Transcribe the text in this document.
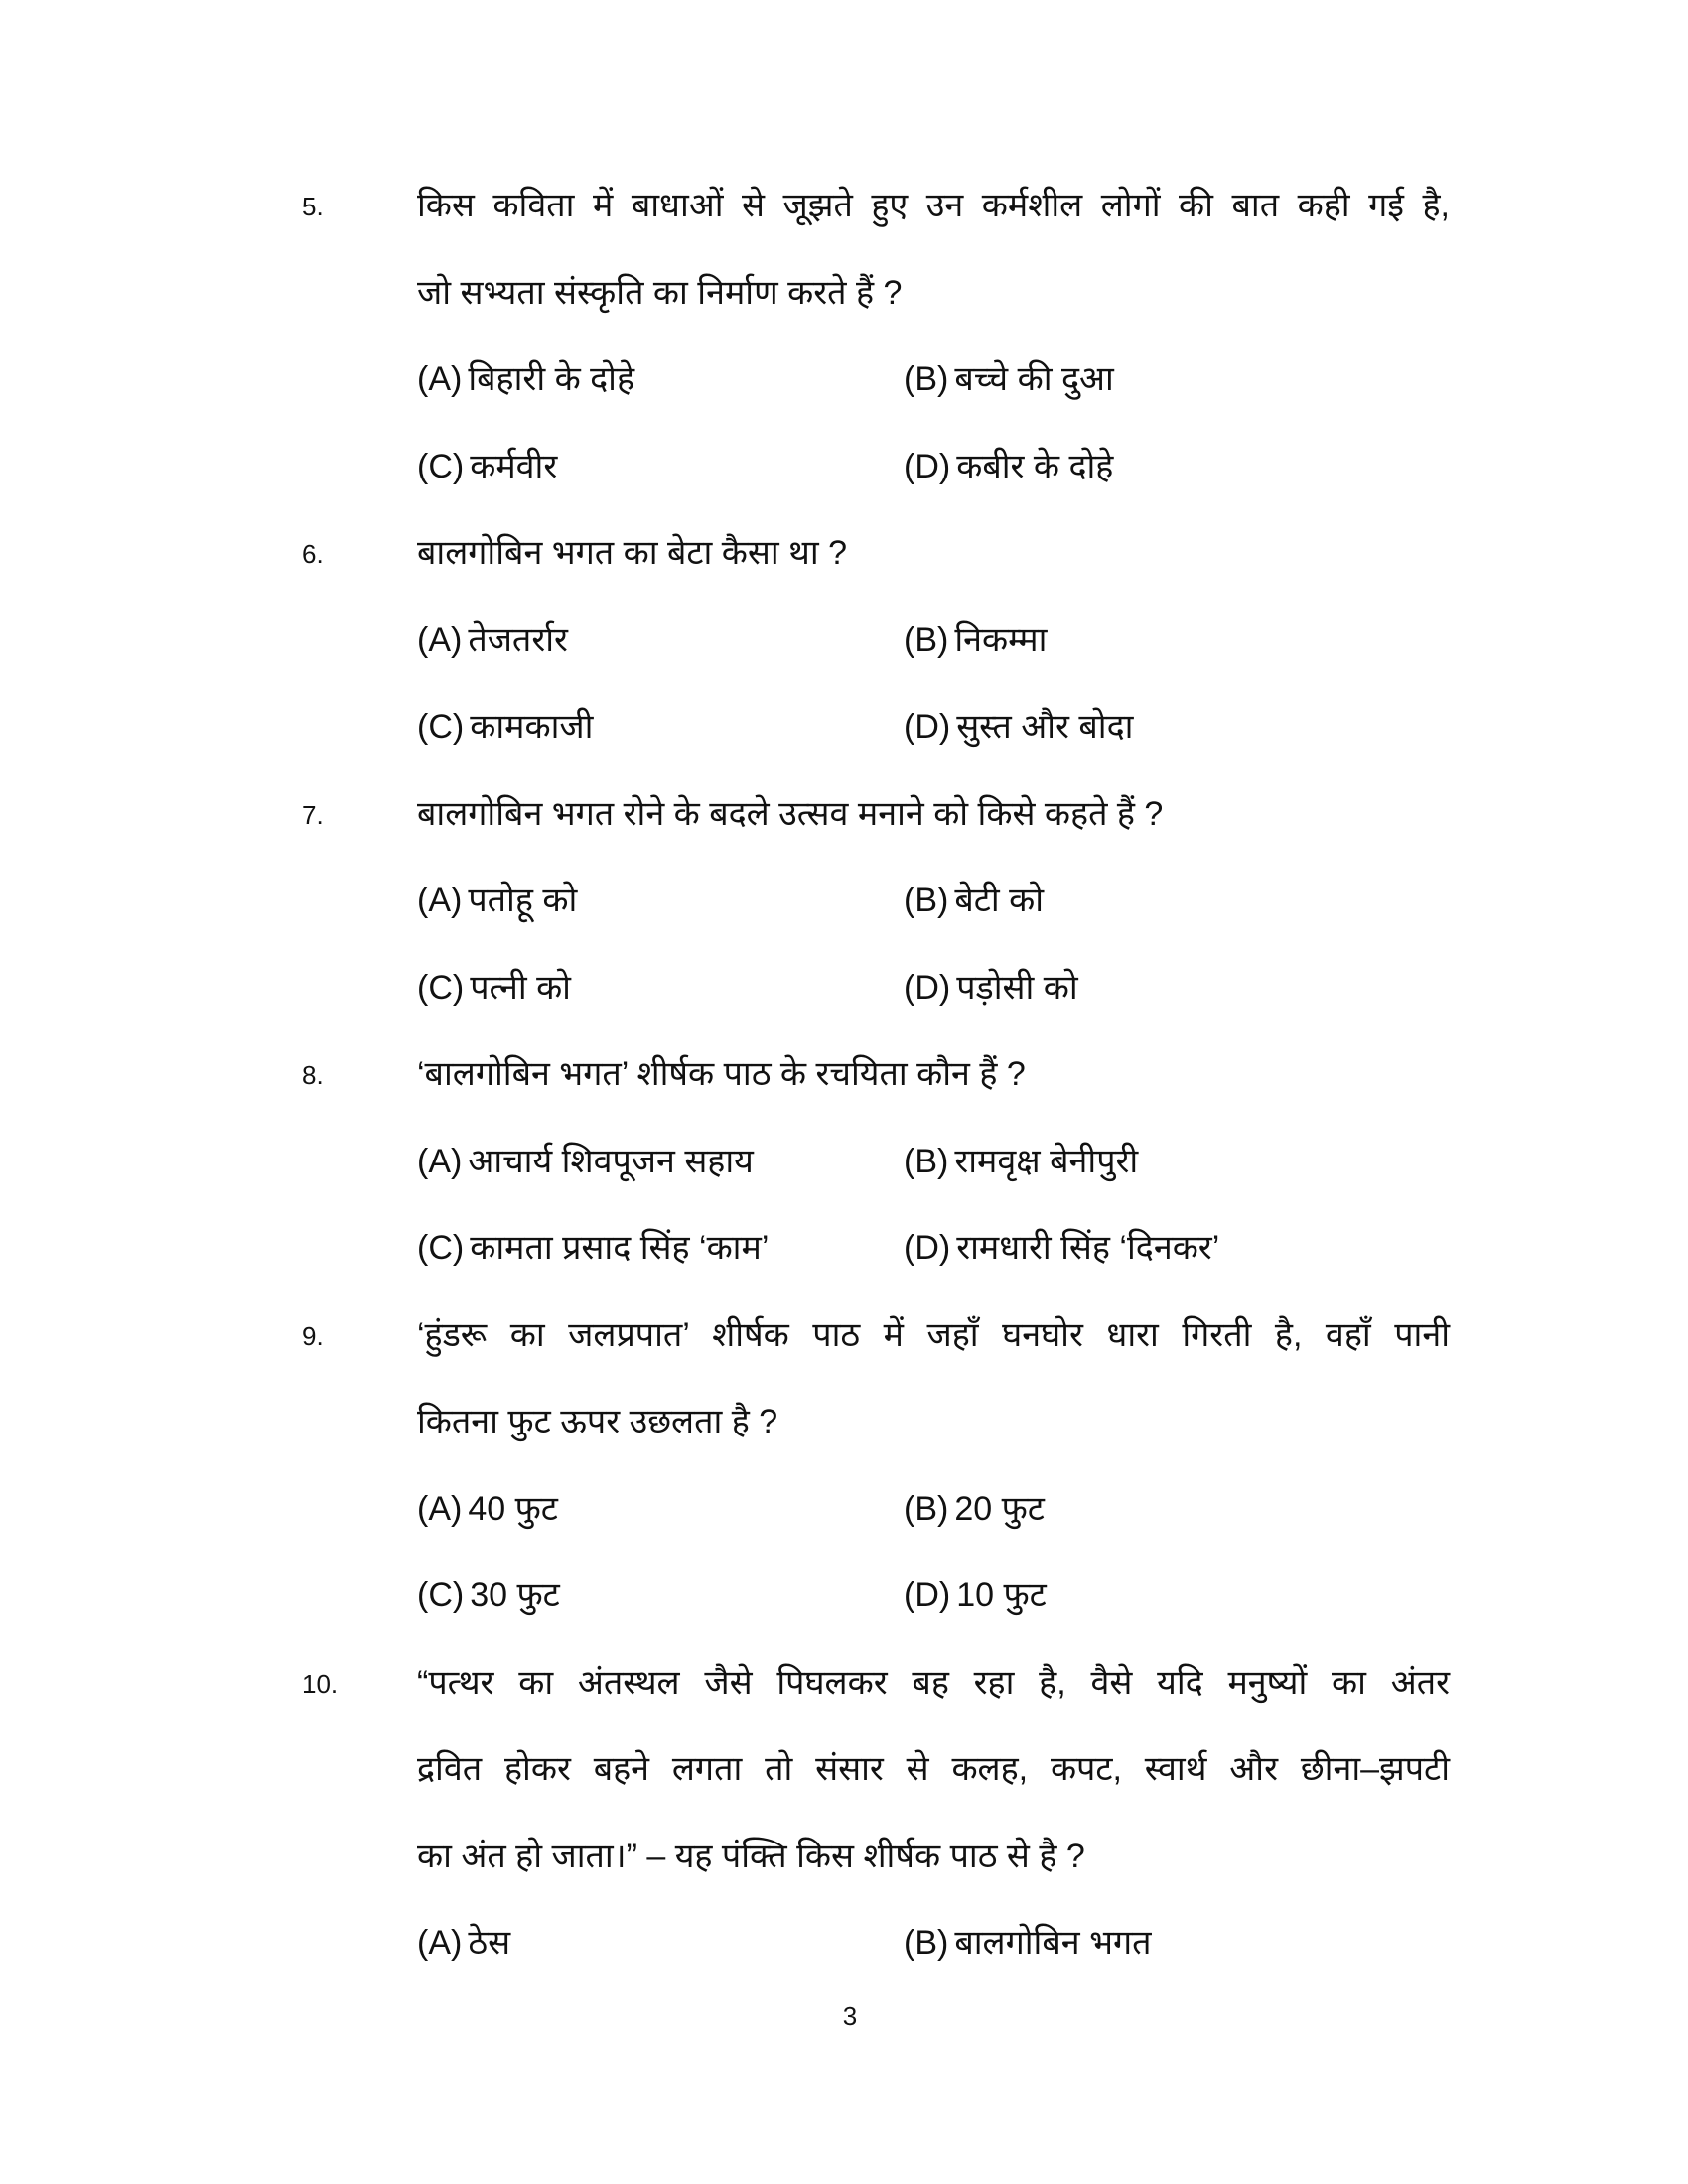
5.	किस कविता में बाधाओं से जूझते हुए उन कर्मशील लोगों की बात कही गई है,
जो सभ्यता संस्कृति का निर्माण करते हैं ?
(A) बिहारी के दोहे	(B) बच्चे की दुआ
(C) कर्मवीर	(D) कबीर के दोहे
6.	बालगोबिन भगत का बेटा कैसा था ?
(A) तेजतर्रार	(B) निकम्मा
(C) कामकाजी	(D) सुस्त और बोदा
7.	बालगोबिन भगत रोने के बदले उत्सव मनाने को किसे कहते हैं ?
(A) पतोहू को	(B) बेटी को
(C) पत्नी को	(D) पड़ोसी को
8.	‘बालगोबिन भगत’ शीर्षक पाठ के रचयिता कौन हैं ?
(A) आचार्य शिवपूजन सहाय	(B) रामवृक्ष बेनीपुरी
(C) कामता प्रसाद सिंह ‘काम’	(D) रामधारी सिंह ‘दिनकर’
9.	‘हुंडरू का जलप्रपात’ शीर्षक पाठ में जहाँ घनघोर धारा गिरती है, वहाँ पानी
कितना फुट ऊपर उछलता है ?
(A) 40 फुट	(B) 20 फुट
(C) 30 फुट	(D) 10 फुट
10. “पत्थर का अंतस्थल जैसे पिघलकर बह रहा है, वैसे यदि मनुष्यों का अंतर
द्रवित होकर बहने लगता तो संसार से कलह, कपट, स्वार्थ और छीना–झपटी
का अंत हो जाता।” – यह पंक्ति किस शीर्षक पाठ से है ?
(A) ठेस	(B) बालगोबिन भगत
3
